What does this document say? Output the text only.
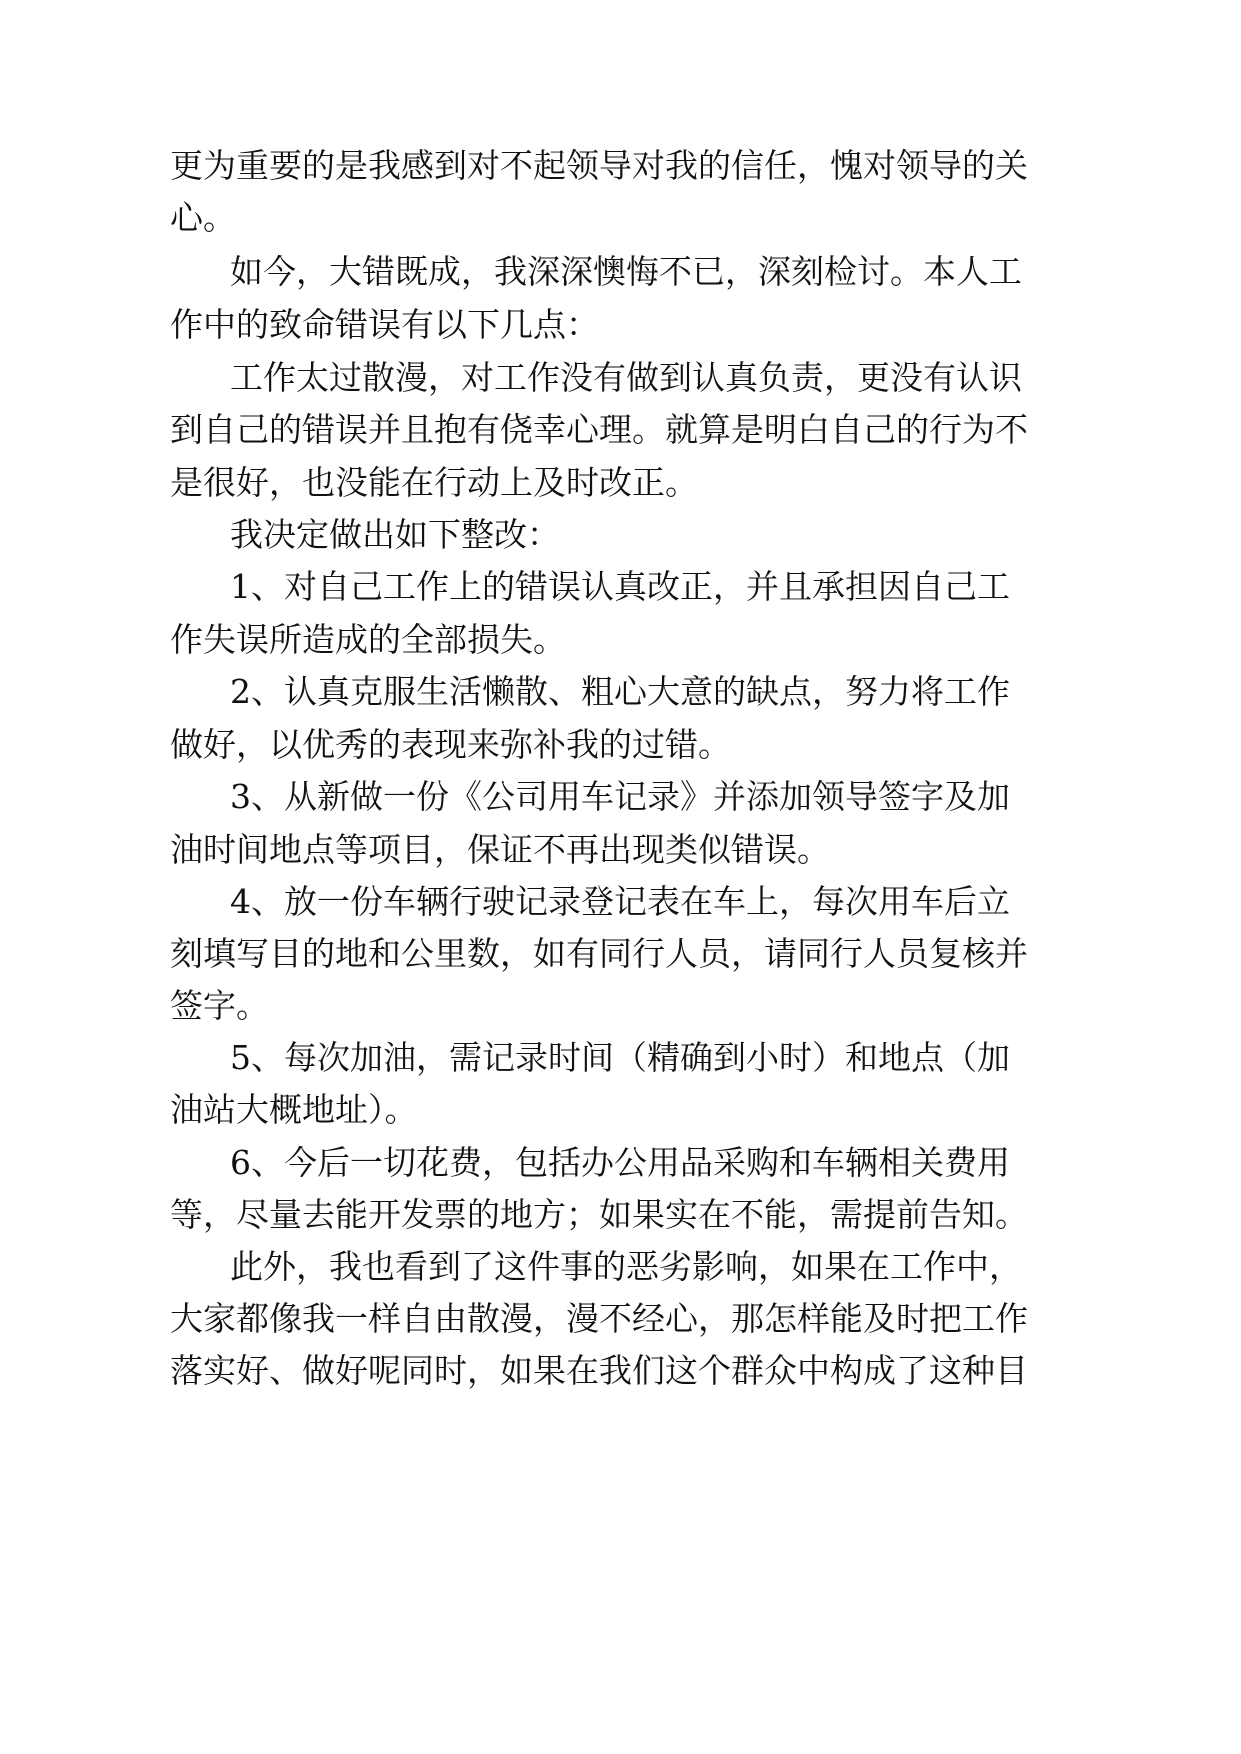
更为重要的是我感到对不起领导对我的信任，愧对领导的关
心。
如今，大错既成，我深深懊悔不已，深刻检讨。本人工
作中的致命错误有以下几点：
工作太过散漫，对工作没有做到认真负责，更没有认识
到自己的错误并且抱有侥幸心理。就算是明白自己的行为不
是很好，也没能在行动上及时改正。
我决定做出如下整改：
1、对自己工作上的错误认真改正，并且承担因自己工
作失误所造成的全部损失。
2、认真克服生活懒散、粗心大意的缺点，努力将工作
做好，以优秀的表现来弥补我的过错。
3、从新做一份《公司用车记录》并添加领导签字及加
油时间地点等项目，保证不再出现类似错误。
4、放一份车辆行驶记录登记表在车上，每次用车后立
刻填写目的地和公里数，如有同行人员，请同行人员复核并
签字。
5、每次加油，需记录时间（精确到小时）和地点（加
油站大概地址）。
6、今后一切花费，包括办公用品采购和车辆相关费用
等，尽量去能开发票的地方；如果实在不能，需提前告知。
此外，我也看到了这件事的恶劣影响，如果在工作中，
大家都像我一样自由散漫，漫不经心，那怎样能及时把工作
落实好、做好呢同时，如果在我们这个群众中构成了这种目
